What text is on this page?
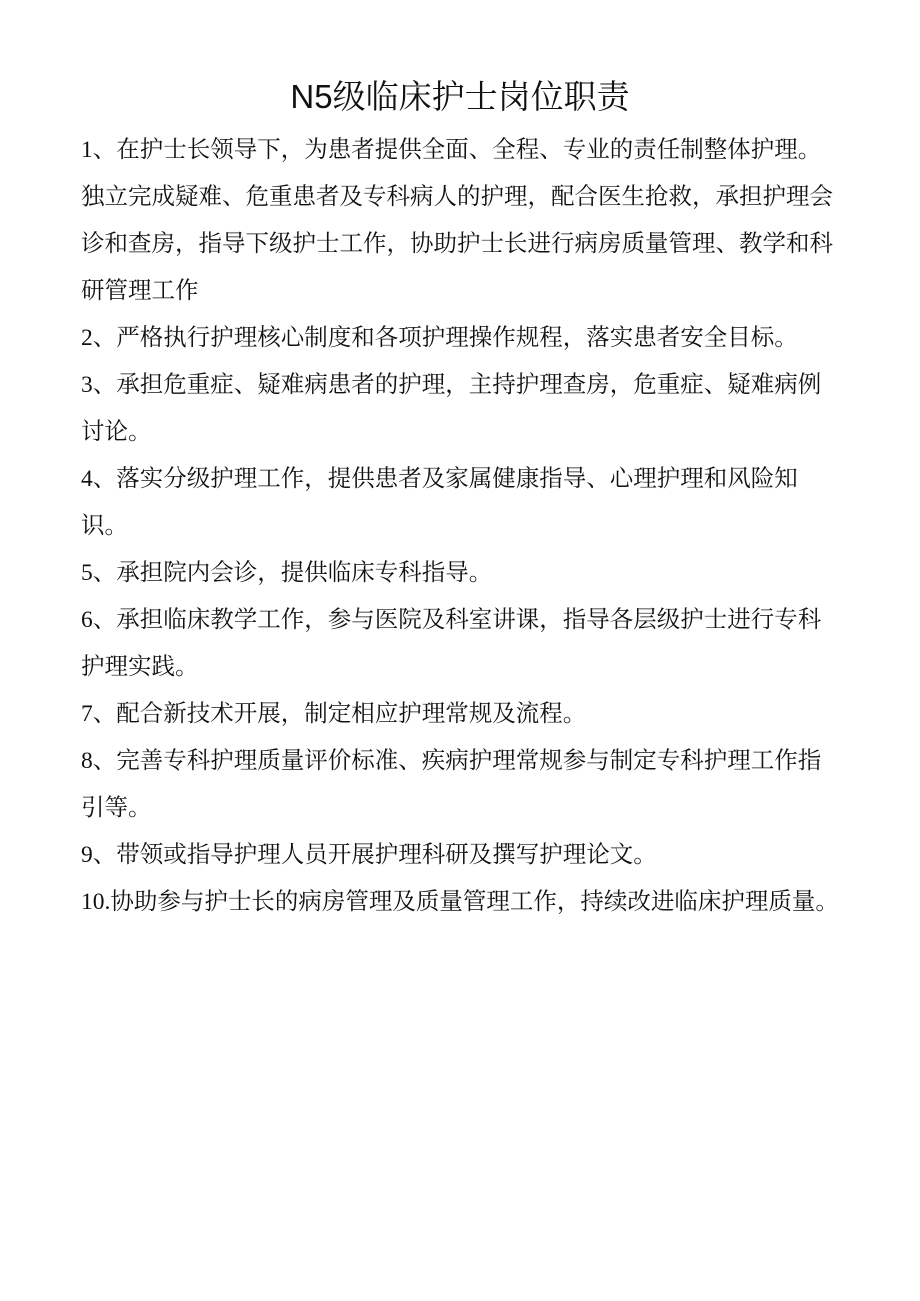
N5级临床护士岗位职责

1、在护士长领导下，为患者提供全面、全程、专业的责任制整体护理。独立完成疑难、危重患者及专科病人的护理，配合医生抢救，承担护理会诊和查房，指导下级护士工作，协助护士长进行病房质量管理、教学和科研管理工作

2、严格执行护理核心制度和各项护理操作规程，落实患者安全目标。

3、承担危重症、疑难病患者的护理，主持护理查房，危重症、疑难病例讨论。

4、落实分级护理工作，提供患者及家属健康指导、心理护理和风险知识。

5、承担院内会诊，提供临床专科指导。

6、承担临床教学工作，参与医院及科室讲课，指导各层级护士进行专科护理实践。

7、配合新技术开展，制定相应护理常规及流程。

8、完善专科护理质量评价标准、疾病护理常规参与制定专科护理工作指引等。

9、带领或指导护理人员开展护理科研及撰写护理论文。

10.协助参与护士长的病房管理及质量管理工作，持续改进临床护理质量。
